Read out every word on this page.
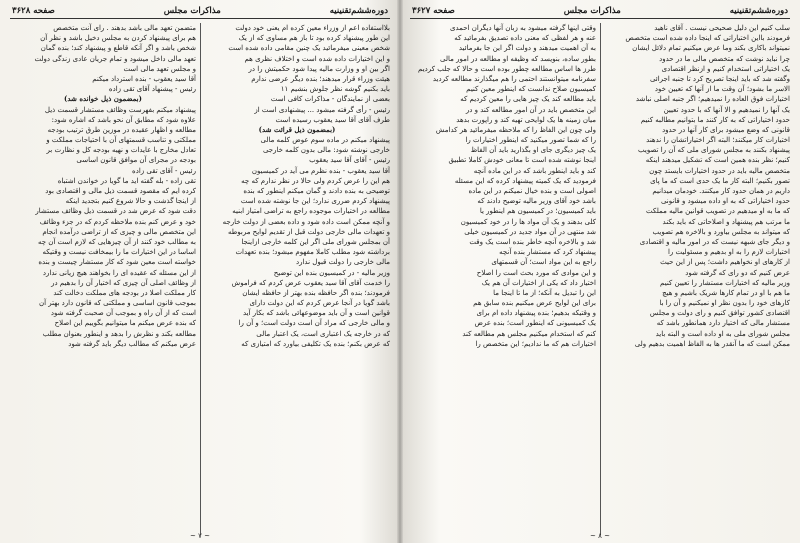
دوره‌ششم‌تقنینیه
مذاکرات مجلس
صفحه ۳۶۲۸
بلااستفاده اعم از وزراء معین کرده ام یعنی خود دولت
این طور پیشنهاد کرده بود تا باز هم مساوی که از یک
شخص معینی میفرمائید یک چنین مقامی داده شده است
و این اختیارات داده شده است و اختلاف نظری هم
اگر بین او و وزارت مالیه پیدا شود حکمیتش را در
هیئت وزراء قرار میدهند؛ بنده دیگر عرضی ندارم
باید بکنیم گوشه نظر جلوش بنشیم ۱۱
بعضی از نمایندگان - مذاکرات کافی است
رئیس - رأی گرفته میشود ... پیشنهادی است از
طرف آقای آقا سید یعقوب رسیده است
(بمضمون ذیل قرائت شد)
پیشنهاد میکنم در ماده سوم عوض کلمه مالی
خارجی نوشته شود: مالی بدون کلمه خارجی
رئیس - آقای آقا سید یعقوب
آقا سید یعقوب - بنده نظرم می آید در کمیسیون
هم این را عرض کردم ولی حالا در نظر ندارم که چه
توضیحی به بنده دادند و گمان میکنم اینطور که بنده
پیشنهاد کردم ضرری ندارد؛ این جا نوشته شده است
مطالعه در اختیارات موجوده راجع به تراضی امتیاز ابنیه
و آنچه ممکن است داده شود و داده بعضی از دولت خارجه
و تعهدات مالی خارجی دولت قبل از تقدیم لوایح مربوطه
آن بمجلس شورای ملی اگر این کلمه خارجی ازاینجا
برداشته شود مطلب کاملا مفهوم میشود؛ بنده تعهدات
مالی خارجی را دولت قبول ندارد
وزیر مالیه - در کمیسیون بنده این توضیح
را خدمت آقای آقا سید یعقوب عرض کردم که فراموش
فرمودند؛ بنده اگر حافظه بنده بهتر از حافظه ایشان
باشد گویا در آنجا عرض کردم که این دولت دارای
قوانین است و آن باید موضوعهائی باشد که بکار آید
و مالی خارجی که مراد آن است دولت است؛ و آن را
که در خارجه یک اعتباری است، یک اعتبار مالی
که عرض بکنم؛ بنده یک تکلیفی بیاورد که امتیازی که
متضمن تعهد مالی باشد بدهند . رای آنت متخصص
هم برای پیشنهاد کردن به مجلس دخیل باشد و نظر آن
شخص باشد و اگر آنکه قاطع و پیشنهاد کند؛ بنده گمان
تعهد مالی داخل میشود و تمام جریان عادی زندگی دولت
و مجلس تعهد مالی است
آقا سید یعقوب - بنده استرداد میکنم
رئیس - پیشنهاد آقای تقی زاده
(بمضمون ذیل خوانده شد)
پیشنهاد میکنم بفهرست وظائف مستشار قسمت ذیل
علاوه شود که مطابق آن نحو باشد که اشاره شود:
مطالعه و اظهار عقیده در موزین طرق ترتیب بودجه
مملکتی و تناسب قسمتهای آن با احتیاجات مملکت و
تعادل مخارج با عایدات و نهیه بودجه کل و نظارت بر
بودجه در مجرای آن موافق قانون اساسی
رئیس - آقای تقی زاده
تقی زاده - بله گفته اید ما گویا در خواندن اشتباه
کرده ایم که مقصود قسمت ذیل مالی و اقتصادی بود
از اینجا گذشت و حالا شروع کنیم بتجدید اینکه
دقت شود که عرض شد در قسمت ذیل وظائف مستشار
خود و عرض کنم بنده ملاحظه کردم که در جزء وظائف
این متخصص مالی و چیزی که از تراضی درآمده انجام
به مطالب خود کنند از آن چیزهایی که لازم است آن چه
اساسا در این اختیارات ما را بیمخافت نیست و وقتیکه
خواسته است معین شود که کار مستشار چیست و بنده
از این مسئله که عقیده ای را بخواهند هیچ زیانی ندارد
از وظائف اصلی آن چیزی که اختیار آن را بدهیم در
کار مملکت اصلا در بودجه های مملکت دخالت کند
بموجب قانون اساسی و مملکتی که قانون دارد بهتر آن
است که از آن راه و بموجب آن صحبت گرفته شود
که بنده عرض میکنم ما میتوانیم بگوییم این اصلاح
مطالعه بکند و نظرش را بدهد و اینطور بعنوان مطلب
عرض میکنم که مطالب دیگر باید گرفته شود
~ ۷ ~
دوره‌ششم‌تقنینیه
مذاکرات مجلس
صفحه ۳۶۲۷
سلب کنیم این دلیل صحیحی نیست . آقای ناهید
فرمودند بااین اختیاراتی که اینجا داده شده است متخصص
نمیتواند باکاری بکند وما عرض میکنیم تمام دلائل ایشان
چرا نباید نوشت که متخصص مالی ما در حدود
یک اختیاراتی استخدام کنیم و ازنظر اقتصادی
وگفته شد که باید اینجا تصریح کرد تا جنبه اجرائی
الاسر ما بشود؛ آن وقت ما از آنها که تعیین خود
اختیارات فوق العاده را نمیدهیم؛ اگر جنبه اصلی نباشد
یک آنها را نمیدهیم و الا آنها که با حدود تعیین
حدود اختیاراتی که به کار کنند ما بتوانیم مطالبه کنیم
قانونی که وضع میشود برای کار آنها در حدود
اختیارات کار میکنند؛ البته اگر اختیاراتشان را ندهند
پیشنهاد بکنند به مجلس شورای ملی که آن را تصویب
کنیم؛ نظر بنده همین است که تشکیل میدهند اینکه
متخصص مالیه باید در حدود اختیارات بایستد چون
تصور بکنیم؛ البته کار ما یک حدی است که ما پای
داریم در همان حدود کار میکنند. خودمان میدانیم
حدود اختیاراتی که به او داده میشود و قانونی
که ما به او میدهیم در تصویب قوانین مالیه مملکت
ما مرتب هم پیشنهاد و اصلاحاتی که باید بکند
که میتواند به مجلس بیاورد و بالاخره هم تصویب
و دیگر جای شبهه نیست که در امور مالیه و اقتصادی
اختیارات لازم را به او بدهیم و مسئولیت را
از کارهای او نخواهیم داشت؛ پس از این حیث
عرض کنیم که دو رای که گرفته شود
وزیر مالیه که اختیارات مستشار را تعیین کنیم
ما هم با او در تمام کارها شریک باشیم و هیچ
کارهای خود را بدون نظر او نمیکنیم و آن را با
اقتصادی کشور توافق کنیم و رای دولت و مجلس
مستشار مالی که اختیار دارد همانطور باشد که
مجلس شورای ملی به او داده است و البته باید
ممکن است که ما آنقدر ها به الفاظ اهمیت بدهیم ولی
وقتی اینها گرفته میشود به زبان آنها دیگران احمدی
عنه و هر لفظی که معنی داده تصدیق بفرمائید که
به آن اهمیت میدهند و دولت اگر این جا بفرمائید
بطور ساده، بنویسد که وظیفه او مطالعه در امور مالی
طرز ها اساس مطالعه چطور بوده است و حالا که جلب کردیم
سفرنامه میتوانستند احتمی را هم میگذارند مطالعه کردید
کمیسیون صلاح ندانست که اینطور معین کنیم
باید مطالعه کند یک چیز هایی را معین کردیم که
این متخصص باید در آن امور مطالعه کند و در
میان زمینه ها یک لوایحی تهیه کند و راپورت بدهد
ولی چون این الفاظ را که ملاحظه میفرمائید هر کدامش
را که شما تصور میکنید که اینطور اختیارات را
یک چیز دیگری جای او بگذارید باید آن الفاظ
اینجا نوشته شده است تا معانی خودش کاملا تطبیق
کند و باید اینطور باشد که در این ماده آنچه
فرمودید که یک کمیته پیشنهاد کرده که این مسئله
اصولی است و بنده خیال نمیکنم در این ماده
باشد خود آقای وزیر مالیه توضیح دادند که
باید کمیسیون؛ در کمیسیون هم اینطور یا
کلی بدهند و یک آن مواد ها را در خود کمیسیون
شد منتهی در آن مواد جدید در کمیسیون خیلی
شد و بالاخره آنچه خاطر بنده است یک وقت
پیشنهاد کرد که مستشار بنده آنچه
راجع به این مواد است؛ آن قسمتهای
و این موادی که مورد بحث است را اصلاح
اختیار داد که یکی از اختیارات آن هم یک
این را تبدیل به آنکه؛ از ما تا اینجا ما
برای این لوایح عرض میکنیم بنده سابق هم
و وقتیکه بدهیم؛ بنده پیشنهاد داده ام برای
یک کمیسیونی که اینطور است؛ بنده عرض
کنم که استخدام میکنیم مجلس هم مطالعه کند
اختیارات هم که ما ندادیم؛ این متخصص را
~ ۸ ~
